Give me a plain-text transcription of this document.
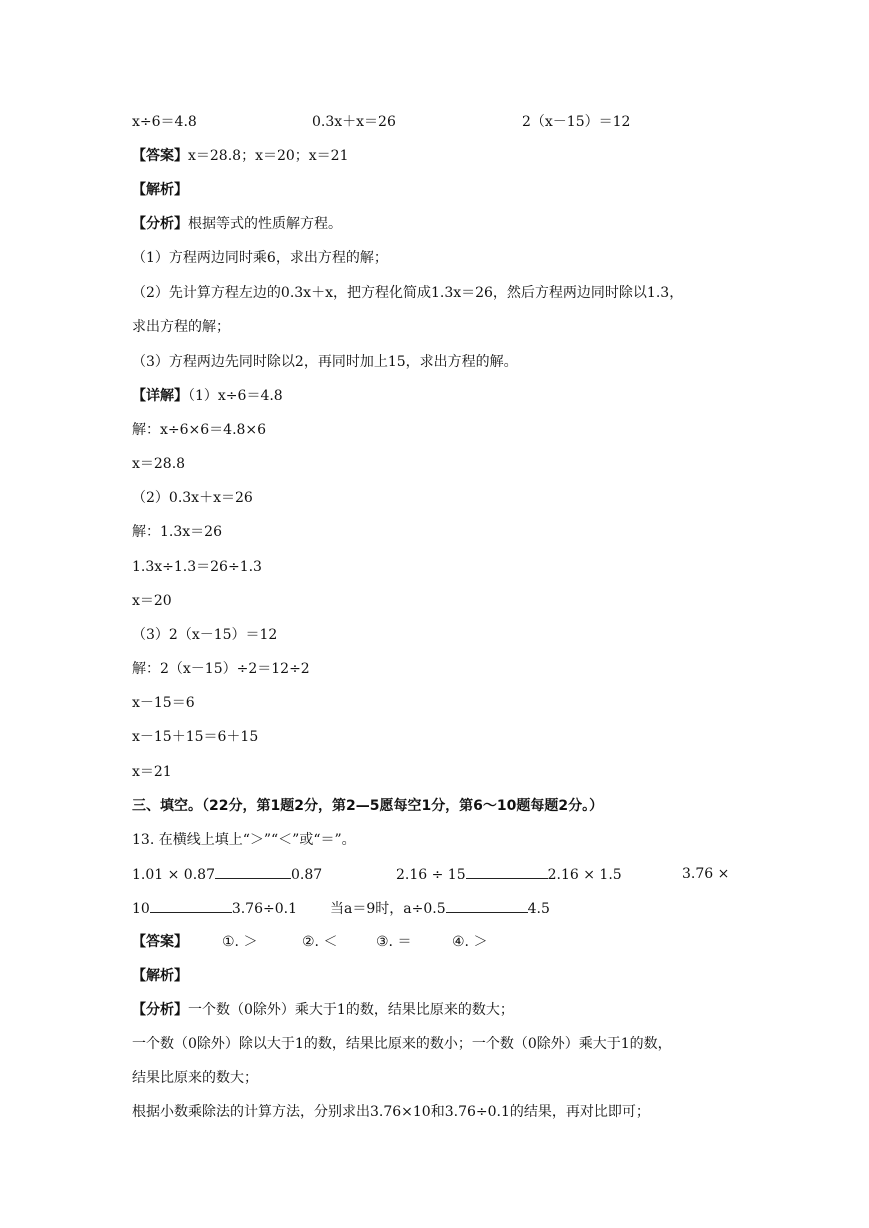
x÷6＝4.8	0.3x＋x＝26	2（x－15）＝12
【答案】x＝28.8；x＝20；x＝21
【解析】
【分析】根据等式的性质解方程。
（1）方程两边同时乘6，求出方程的解；
（2）先计算方程左边的0.3x＋x，把方程化简成1.3x＝26，然后方程两边同时除以1.3，
求出方程的解；
（3）方程两边先同时除以2，再同时加上15，求出方程的解。
【详解】（1）x÷6＝4.8
解：x÷6×6＝4.8×6
x＝28.8
（2）0.3x＋x＝26
解：1.3x＝26
1.3x÷1.3＝26÷1.3
x＝20
（3）2（x－15）＝12
解：2（x－15）÷2＝12÷2
x－15＝6
x－15＋15＝6＋15
x＝21
三、填空。（22分，第1题2分，第2—5愿每空1分，第6～10题每题2分。）
13. 在横线上填上“＞”“＜”或“＝”。
1.01 × 0.87	0.87	2.16 ÷ 15	2.16 × 1.5	3.76 ×
10	3.76÷0.1 当a＝9时，a÷0.5	4.5
【答案】 ①. ＞	②. ＜	③. ＝	④. ＞
【解析】
【分析】一个数（0除外）乘大于1的数，结果比原来的数大；
一个数（0除外）除以大于1的数，结果比原来的数小；一个数（0除外）乘大于1的数，
结果比原来的数大；
根据小数乘除法的计算方法，分别求出3.76×10和3.76÷0.1的结果，再对比即可；
